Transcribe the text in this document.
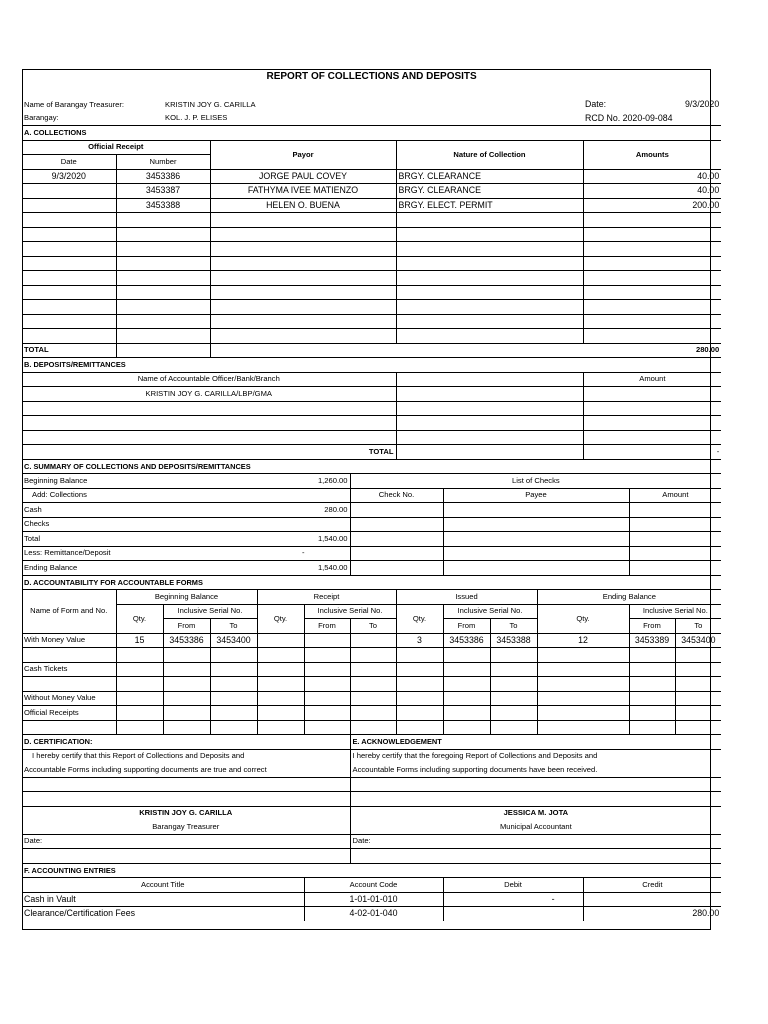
REPORT OF COLLECTIONS AND DEPOSITS													

Name of Barangay Treasurer:		KRISTIN JOY G. CARILLA									Date:	9/3/2020	
Barangay:		KOL. J. P. ELISES									RCD No. 2020-09-084		
A. COLLECTIONS													
Official Receipt			Payor				Nature of Collection				Amounts		
Date	Number												
9/3/2020	3453386		JORGE PAUL COVEY				BRGY. CLEARANCE				40.00		
	3453387		FATHYMA IVEE MATIENZO				BRGY. CLEARANCE				40.00		
	3453388		HELEN O. BUENA				BRGY. ELECT. PERMIT				200.00		

TOTAL											280.00		
B. DEPOSITS/REMITTANCES													
Name of Accountable Officer/Bank/Branch											Amount		
KRISTIN JOY G. CARILLA/LBP/GMA													

TOTAL											-		
C. SUMMARY OF COLLECTIONS AND DEPOSITS/REMITTANCES													
Beginning Balance				1,260.00		List of Checks							
Add: Collections						Check No.		Payee				Amount	
Cash				280.00									
Checks													
Total				1,540.00									
Less: Remittance/Deposit				-									
Ending Balance				1,540.00									
D. ACCOUNTABILITY FOR ACCOUNTABLE FORMS													
Name of Form and No.	Beginning Balance			Receipt			Issued			Ending Balance			
	Qty.	Inclusive Serial No.		Qty.	Inclusive Serial No.		Qty.	Inclusive Serial No.		Qty.		Inclusive Serial No.	
		From	To		From	To		From	To			From	To
With Money Value	15	3453386	3453400				3	3453386	3453388	12		3453389	3453400

Cash Tickets													

Without Money Value													
Official Receipts													

D. CERTIFICATION:						E. ACKNOWLEDGEMENT							
I hereby certify that this Report of Collections and Deposits and						I hereby certify that the foregoing Report of Collections and Deposits and							
Accountable Forms including supporting documents are true and correct						Accountable Forms including supporting documents have been received.							

KRISTIN JOY G. CARILLA						JESSICA M. JOTA							
Barangay Treasurer						Municipal Accountant							
Date:						Date:							

F. ACCOUNTING ENTRIES													
Account Title					Account Code			Debit			Credit		
Cash in Vault					1-01-01-010			-					
Clearance/Certification Fees					4-02-01-040						280.00		
